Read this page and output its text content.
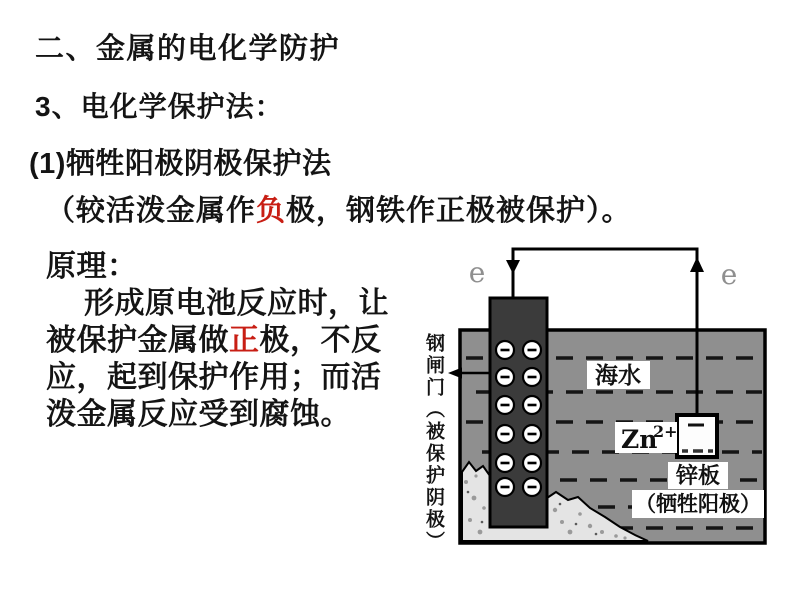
二、金属的电化学防护
3、电化学保护法：
(1)牺牲阳极阴极保护法
（较活泼金属作负极，钢铁作正极被保护）。
原理：
形成原电池反应时，让
被保护金属做正极，不反
应，起到保护作用；而活
泼金属反应受到腐蚀。	钢闸门（被保护阴极）	海水
Zn
2+
锌板
（牺牲阳极）
e	e
